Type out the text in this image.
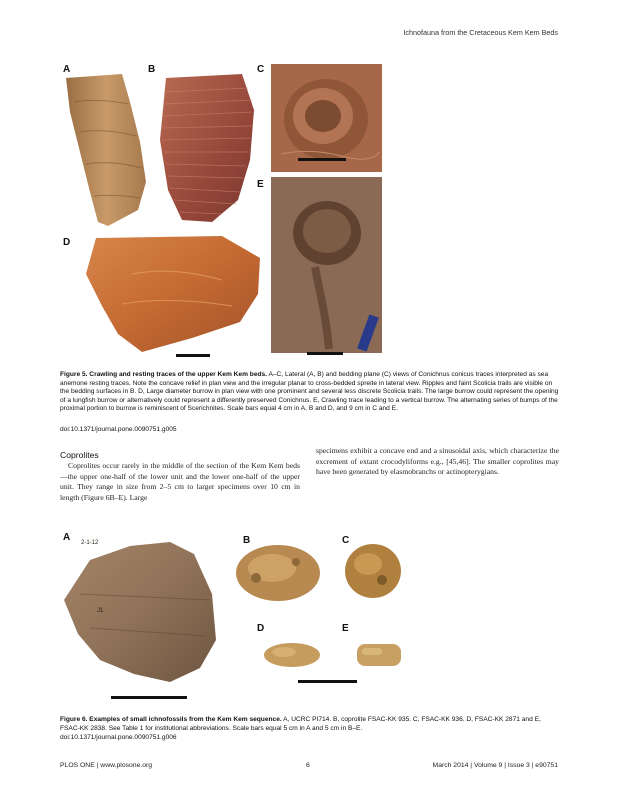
Ichnofauna from the Cretaceous Kem Kem Beds
A	B	C
D
E
Figure 5. Crawling and resting traces of the upper Kem Kem beds. A–C, Lateral (A, B) and bedding plane (C) views of Conichnus conicus traces interpreted as sea anemone resting traces. Note the concave relief in plan view and the irregular planar to cross-bedded spreite in lateral view. Ripples and faint Scolicia trails are visible on the bedding surfaces in B. D, Large diameter burrow in plan view with one prominent and several less discrete Scolicia trails. The large burrow could represent the opening of a lungfish burrow or alternatively could represent a differently preserved Conichnus. E, Crawling trace leading to a vertical burrow. The alternating series of bumps of the proximal portion to burrow is reminiscent of Scerichnites. Scale bars equal 4 cm in A, B and D, and 9 cm in C and E.
doi:10.1371/journal.pone.0090751.g005
Coprolites
Coprolites occur rarely in the middle of the section of the Kem Kem beds—the upper one-half of the lower unit and the lower one-half of the upper unit. They range in size from 2–5 cm to larger specimens over 10 cm in length (Figure 6B–E). Large
specimens exhibit a concave end and a sinusoidal axis, which characterize the excrement of extant crocodyliforms e.g., [45,46]. The smaller coprolites may have been generated by elasmobranchs or actinopterygians.
A	B	C
D	E
2-1-12
J1
Figure 6. Examples of small ichnofossils from the Kem Kem sequence. A, UCRC PI714. B, coprolite FSAC-KK 935. C, FSAC-KK 936. D, FSAC-KK 2871 and E, FSAC-KK 2838. See Table 1 for institutional abbreviations. Scale bars equal 5 cm in A and 5 cm in B–E.
doi:10.1371/journal.pone.0090751.g006
PLOS ONE | www.plosone.org	6	March 2014 | Volume 9 | Issue 3 | e90751
